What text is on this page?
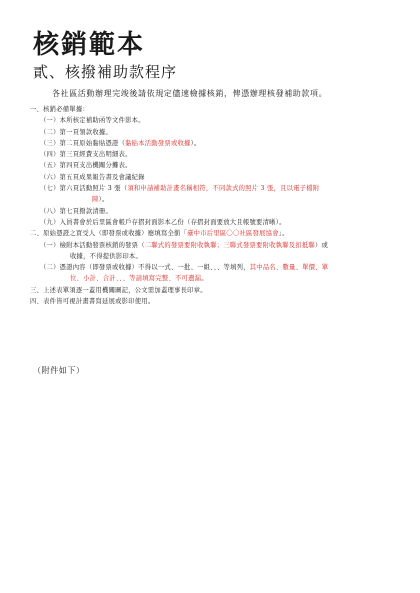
核銷範本
貳、核撥補助款程序
各社區活動辦理完竣後請依規定儘速檢據核銷，俾憑辦理核發補助款項。
一、核銷必備單據：
（一）本所核定補助函等文件影本。
（二）第一頁領款收據。
（三）第二頁原始黏貼憑證（黏貼本活動發票或收據）。
（四）第三頁經費支出明細表。
（五）第四頁支出機關分攤表。
（六）第五頁成果報告書及會議紀錄
（七）第六頁活動照片 3 張（須和申請補助計畫名稱相符，不同款式的照片 3 張，且以電子檔附
陳）。
（八）第七頁撥款清冊。
（九）入員書會於后里區會帳戶存摺封面影本乙份（存摺封面要放大且帳號要清晰）。
二、原始憑證之買受人（即發票或收據）應填寫全銜「臺中市后里區〇〇社區發展協會」。
（一）檢附本活動發票核銷的發票（二聯式的發票要附收執聯；三聯式發票要附收執聯及扣抵聯）或
收據，不得提供影印本。
（二）憑證內容（即發票或收據）不得以一式、一批、一組、、、等填列，其中品名、數量、單價、單
位、小計、合計、、、等請填寫完整、不可遺漏。
三、上述表單須逐一蓋用機關圖記，公文需加蓋理事長印章。
四、表件皆可視計畫書寫延展或影印使用。
（附件如下）
